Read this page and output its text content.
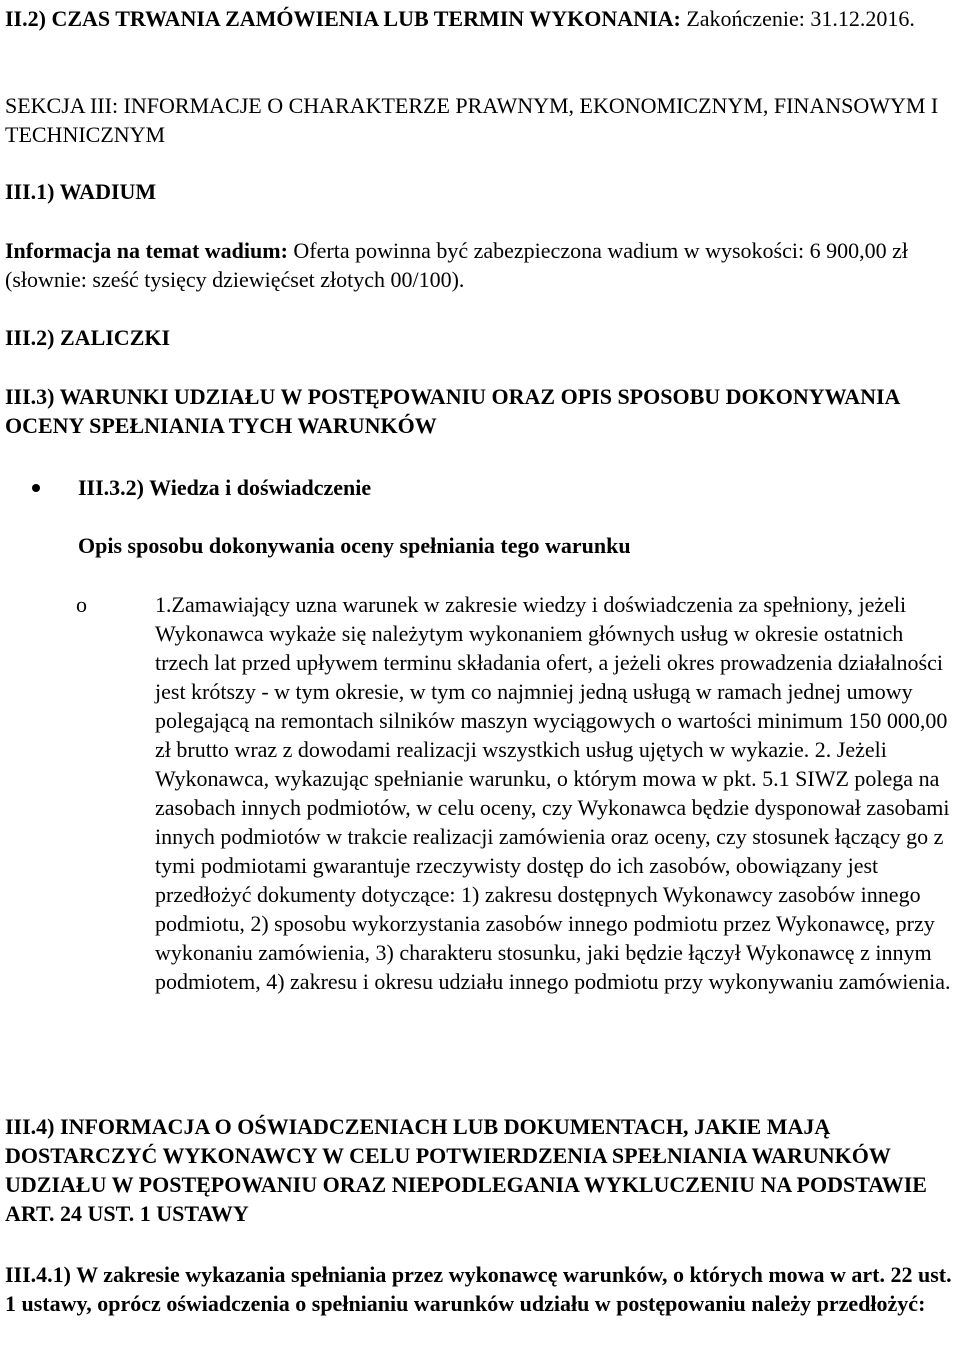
II.2) CZAS TRWANIA ZAMÓWIENIA LUB TERMIN WYKONANIA: Zakończenie: 31.12.2016.

SEKCJA III: INFORMACJE O CHARAKTERZE PRAWNYM, EKONOMICZNYM, FINANSOWYM I TECHNICZNYM

III.1) WADIUM

Informacja na temat wadium: Oferta powinna być zabezpieczona wadium w wysokości: 6 900,00 zł (słownie: sześć tysięcy dziewięćset złotych 00/100).

III.2) ZALICZKI

III.3) WARUNKI UDZIAŁU W POSTĘPOWANIU ORAZ OPIS SPOSOBU DOKONYWANIA OCENY SPEŁNIANIA TYCH WARUNKÓW

III.3.2) Wiedza i doświadczenie

Opis sposobu dokonywania oceny spełniania tego warunku

o	1.Zamawiający uzna warunek w zakresie wiedzy i doświadczenia za spełniony, jeżeli Wykonawca wykaże się należytym wykonaniem głównych usług w okresie ostatnich trzech lat przed upływem terminu składania ofert, a jeżeli okres prowadzenia działalności jest krótszy - w tym okresie, w tym co najmniej jedną usługą w ramach jednej umowy polegającą na remontach silników maszyn wyciągowych o wartości minimum 150 000,00 zł brutto wraz z dowodami realizacji wszystkich usług ujętych w wykazie. 2. Jeżeli Wykonawca, wykazując spełnianie warunku, o którym mowa w pkt. 5.1 SIWZ polega na zasobach innych podmiotów, w celu oceny, czy Wykonawca będzie dysponował zasobami innych podmiotów w trakcie realizacji zamówienia oraz oceny, czy stosunek łączący go z tymi podmiotami gwarantuje rzeczywisty dostęp do ich zasobów, obowiązany jest przedłożyć dokumenty dotyczące: 1) zakresu dostępnych Wykonawcy zasobów innego podmiotu, 2) sposobu wykorzystania zasobów innego podmiotu przez Wykonawcę, przy wykonaniu zamówienia, 3) charakteru stosunku, jaki będzie łączył Wykonawcę z innym podmiotem, 4) zakresu i okresu udziału innego podmiotu przy wykonywaniu zamówienia.

III.4) INFORMACJA O OŚWIADCZENIACH LUB DOKUMENTACH, JAKIE MAJĄ DOSTARCZYĆ WYKONAWCY W CELU POTWIERDZENIA SPEŁNIANIA WARUNKÓW UDZIAŁU W POSTĘPOWANIU ORAZ NIEPODLEGANIA WYKLUCZENIU NA PODSTAWIE ART. 24 UST. 1 USTAWY

III.4.1) W zakresie wykazania spełniania przez wykonawcę warunków, o których mowa w art. 22 ust. 1 ustawy, oprócz oświadczenia o spełnianiu warunków udziału w postępowaniu należy przedłożyć:
